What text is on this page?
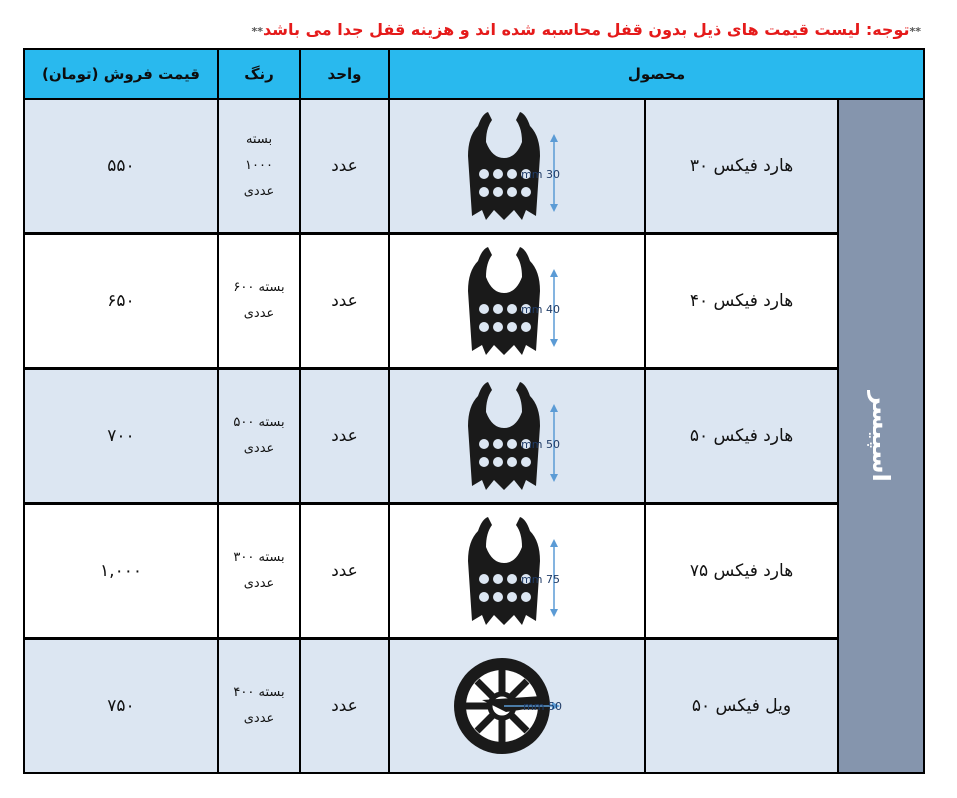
**توجه: لیست قیمت های ذیل بدون قفل محاسبه شده اند و هزینه قفل جدا می باشد**
محصول
واحد
رنگ
قیمت فروش (تومان)
اسپیسر
هارد فیکس ۳۰
30 mm
عدد
بسته
۱۰۰۰
عددی
۵۵۰
هارد فیکس ۴۰
40 mm
عدد
بسته ۶۰۰
عددی
۶۵۰
هارد فیکس ۵۰
50 mm
عدد
بسته ۵۰۰
عددی
۷۰۰
هارد فیکس ۷۵
75 mm
عدد
بسته ۳۰۰
عددی
۱,۰۰۰
ویل فیکس ۵۰
50 mm
عدد
بسته ۴۰۰
عددی
۷۵۰
